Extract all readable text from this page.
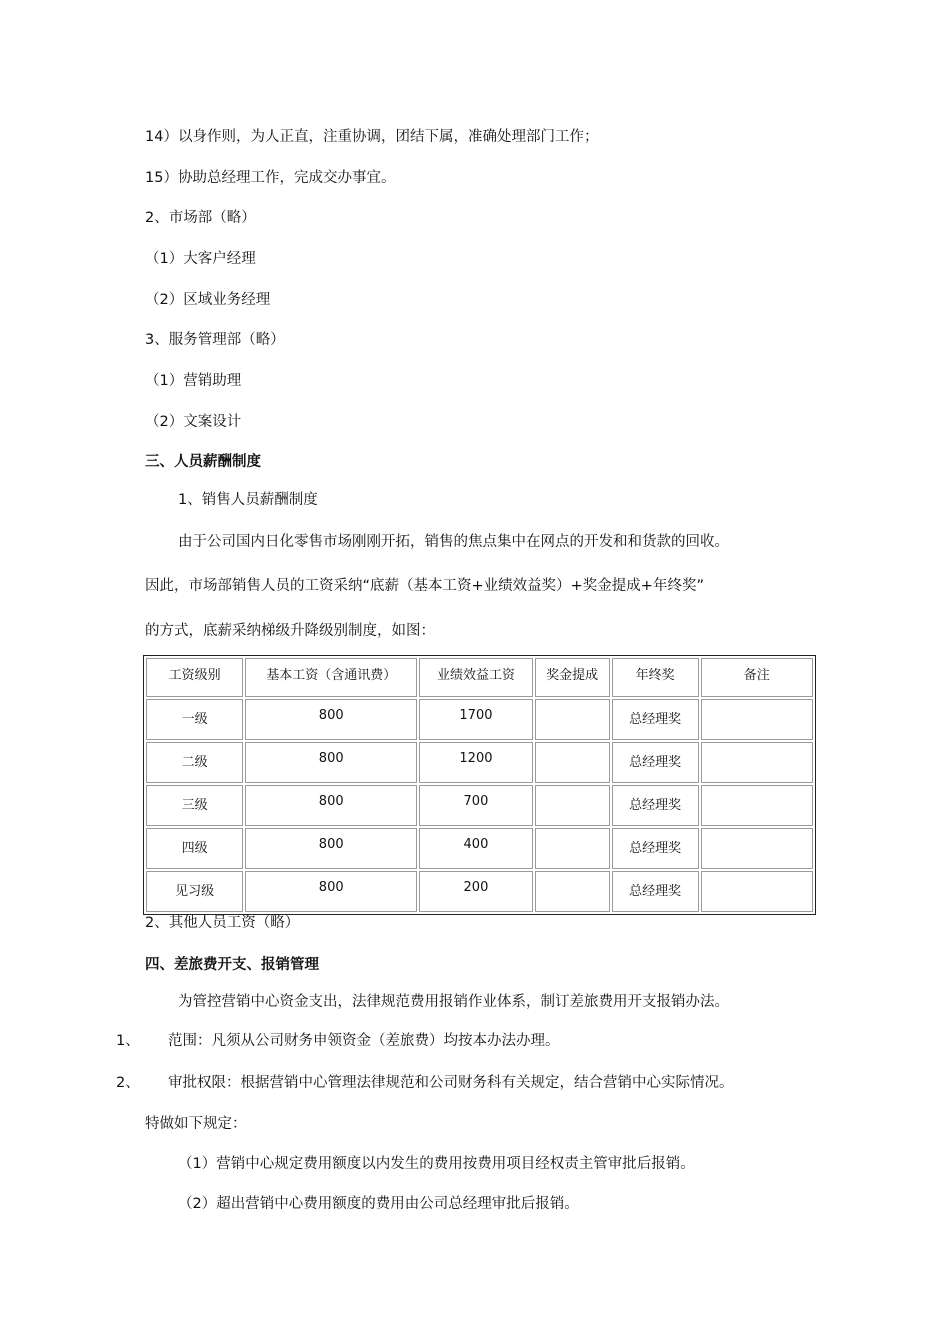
14）以身作则，为人正直，注重协调，团结下属，准确处理部门工作；
15）协助总经理工作，完成交办事宜。
2、市场部（略）
（1）大客户经理
（2）区域业务经理
3、服务管理部（略）
（1）营销助理
（2）文案设计
三、人员薪酬制度
1、销售人员薪酬制度
由于公司国内日化零售市场刚刚开拓，销售的焦点集中在网点的开发和和货款的回收。
因此，市场部销售人员的工资采纳“底薪（基本工资+业绩效益奖）+奖金提成+年终奖”
的方式，底薪采纳梯级升降级别制度，如图：
工资级别	基本工资（含通讯费）	业绩效益工资	奖金提成	年终奖	备注
一级	800	1700		总经理奖	
二级	800	1200		总经理奖	
三级	800	700		总经理奖	
四级	800	400		总经理奖	
见习级	800	200		总经理奖	
2、其他人员工资（略）
四、差旅费开支、报销管理
为管控营销中心资金支出，法律规范费用报销作业体系，制订差旅费用开支报销办法。
1、 范围：凡须从公司财务申领资金（差旅费）均按本办法办理。
2、 审批权限：根据营销中心管理法律规范和公司财务科有关规定，结合营销中心实际情况。
特做如下规定：
（1）营销中心规定费用额度以内发生的费用按费用项目经权责主管审批后报销。
（2）超出营销中心费用额度的费用由公司总经理审批后报销。
